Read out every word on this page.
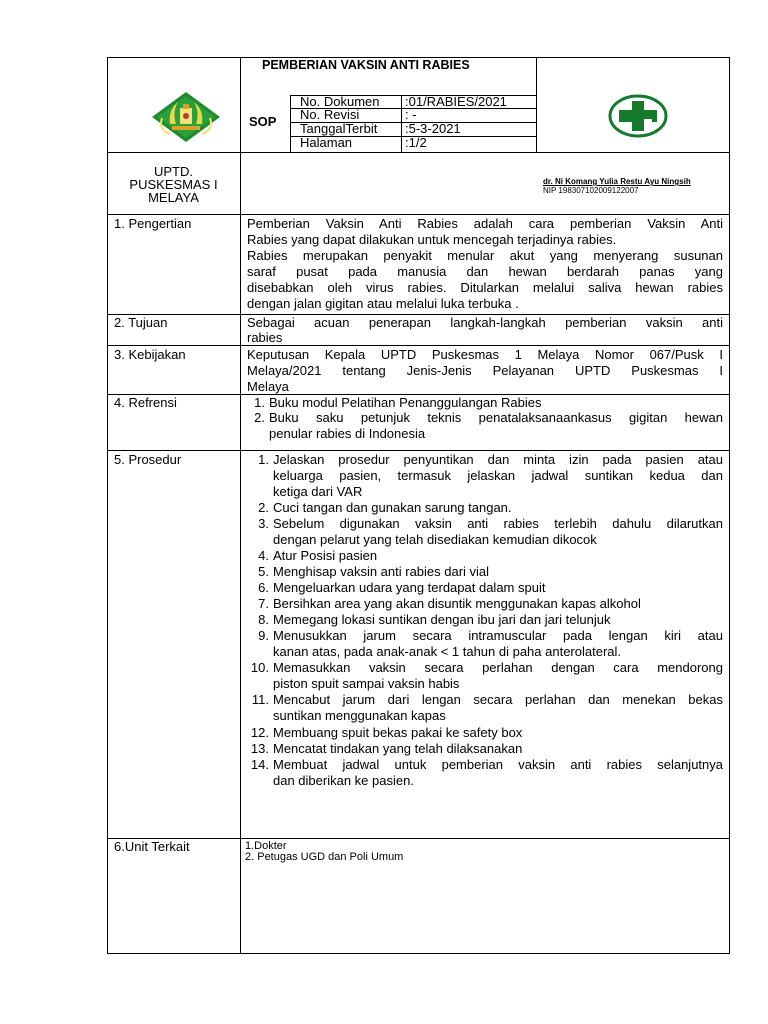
PEMBERIAN VAKSIN ANTI RABIES
SOP
No. Dokumen :01/RABIES/2021
No. Revisi	: -
TanggalTerbit :5-3-2021
Halaman	:1/2
UPTD.
PUSKESMAS I
MELAYA
dr. Ni Komang Yulia Restu Ayu Ningsih
NIP 198307102009122007
1. Pengertian
2. Tujuan
3. Kebijakan
4. Refrensi
5. Prosedur
6.Unit Terkait
Pemberian Vaksin Anti Rabies adalah cara pemberian Vaksin Anti
Rabies yang dapat dilakukan untuk mencegah terjadinya rabies.
Rabies merupakan penyakit menular akut yang menyerang susunan
saraf pusat pada manusia dan hewan berdarah panas yang
disebabkan oleh virus rabies. Ditularkan melalui saliva hewan rabies
dengan jalan gigitan atau melalui luka terbuka .
Sebagai acuan penerapan langkah-langkah pemberian vaksin anti
rabies
Keputusan Kepala UPTD Puskesmas 1 Melaya Nomor 067/Pusk I
Melaya/2021 tentang Jenis-Jenis Pelayanan UPTD Puskesmas I
Melaya
1. Buku modul Pelatihan Penanggulangan Rabies
2. Buku saku petunjuk teknis penatalaksanaankasus gigitan hewan
penular rabies di Indonesia
1. Jelaskan prosedur penyuntikan dan minta izin pada pasien atau
keluarga pasien, termasuk jelaskan jadwal suntikan kedua dan
ketiga dari VAR
2. Cuci tangan dan gunakan sarung tangan.
3. Sebelum digunakan vaksin anti rabies terlebih dahulu dilarutkan
dengan pelarut yang telah disediakan kemudian dikocok
4. Atur Posisi pasien
5. Menghisap vaksin anti rabies dari vial
6. Mengeluarkan udara yang terdapat dalam spuit
7. Bersihkan area yang akan disuntik menggunakan kapas alkohol
8. Memegang lokasi suntikan dengan ibu jari dan jari telunjuk
9. Menusukkan jarum secara intramuscular pada lengan kiri atau
kanan atas, pada anak-anak < 1 tahun di paha anterolateral.
10. Memasukkan vaksin secara perlahan dengan cara mendorong
piston spuit sampai vaksin habis
11. Mencabut jarum dari lengan secara perlahan dan menekan bekas
suntikan menggunakan kapas
12. Membuang spuit bekas pakai ke safety box
13. Mencatat tindakan yang telah dilaksanakan
14. Membuat jadwal untuk pemberian vaksin anti rabies selanjutnya
dan diberikan ke pasien.
1.Dokter
2. Petugas UGD dan Poli Umum
